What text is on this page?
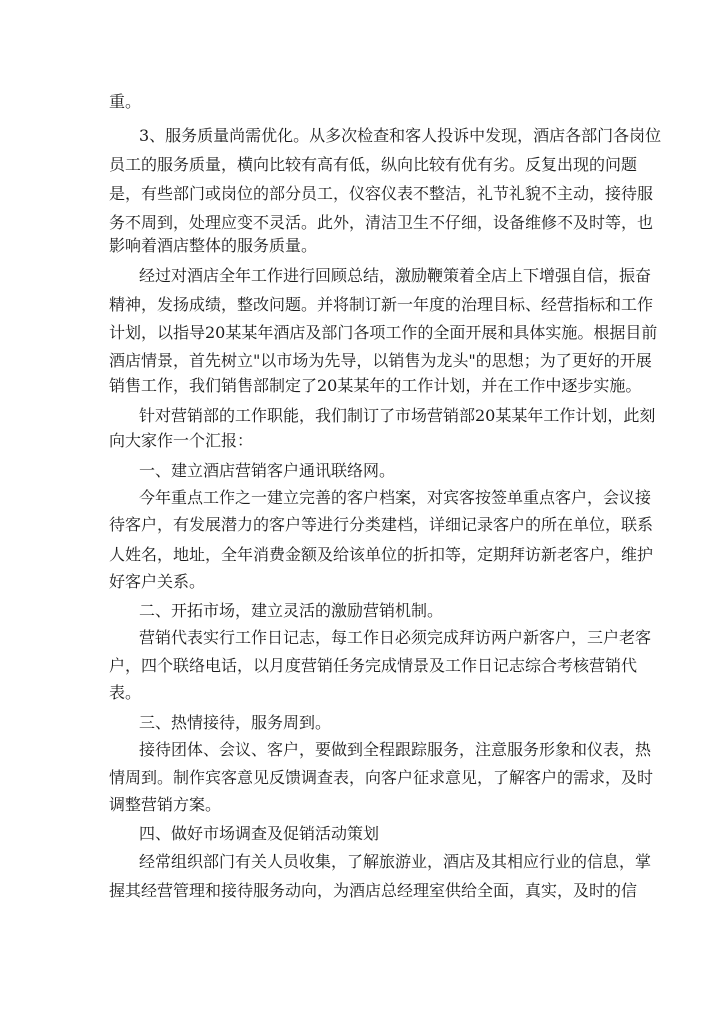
重。
3、服务质量尚需优化。从多次检查和客人投诉中发现，酒店各部门各岗位
员工的服务质量，横向比较有高有低，纵向比较有优有劣。反复出现的问题
是，有些部门或岗位的部分员工，仪容仪表不整洁，礼节礼貌不主动，接待服
务不周到，处理应变不灵活。此外，清洁卫生不仔细，设备维修不及时等，也
影响着酒店整体的服务质量。
经过对酒店全年工作进行回顾总结，激励鞭策着全店上下增强自信，振奋
精神，发扬成绩，整改问题。并将制订新一年度的治理目标、经营指标和工作
计划，以指导20某某年酒店及部门各项工作的全面开展和具体实施。根据目前
酒店情景，首先树立"以市场为先导，以销售为龙头"的思想；为了更好的开展
销售工作，我们销售部制定了20某某年的工作计划，并在工作中逐步实施。
针对营销部的工作职能，我们制订了市场营销部20某某年工作计划，此刻
向大家作一个汇报：
一、建立酒店营销客户通讯联络网。
今年重点工作之一建立完善的客户档案，对宾客按签单重点客户，会议接
待客户，有发展潜力的客户等进行分类建档，详细记录客户的所在单位，联系
人姓名，地址，全年消费金额及给该单位的折扣等，定期拜访新老客户，维护
好客户关系。
二、开拓市场，建立灵活的激励营销机制。
营销代表实行工作日记志，每工作日必须完成拜访两户新客户，三户老客
户，四个联络电话，以月度营销任务完成情景及工作日记志综合考核营销代
表。
三、热情接待，服务周到。
接待团体、会议、客户，要做到全程跟踪服务，注意服务形象和仪表，热
情周到。制作宾客意见反馈调查表，向客户征求意见，了解客户的需求，及时
调整营销方案。
四、做好市场调查及促销活动策划
经常组织部门有关人员收集，了解旅游业，酒店及其相应行业的信息，掌
握其经营管理和接待服务动向，为酒店总经理室供给全面，真实，及时的信
